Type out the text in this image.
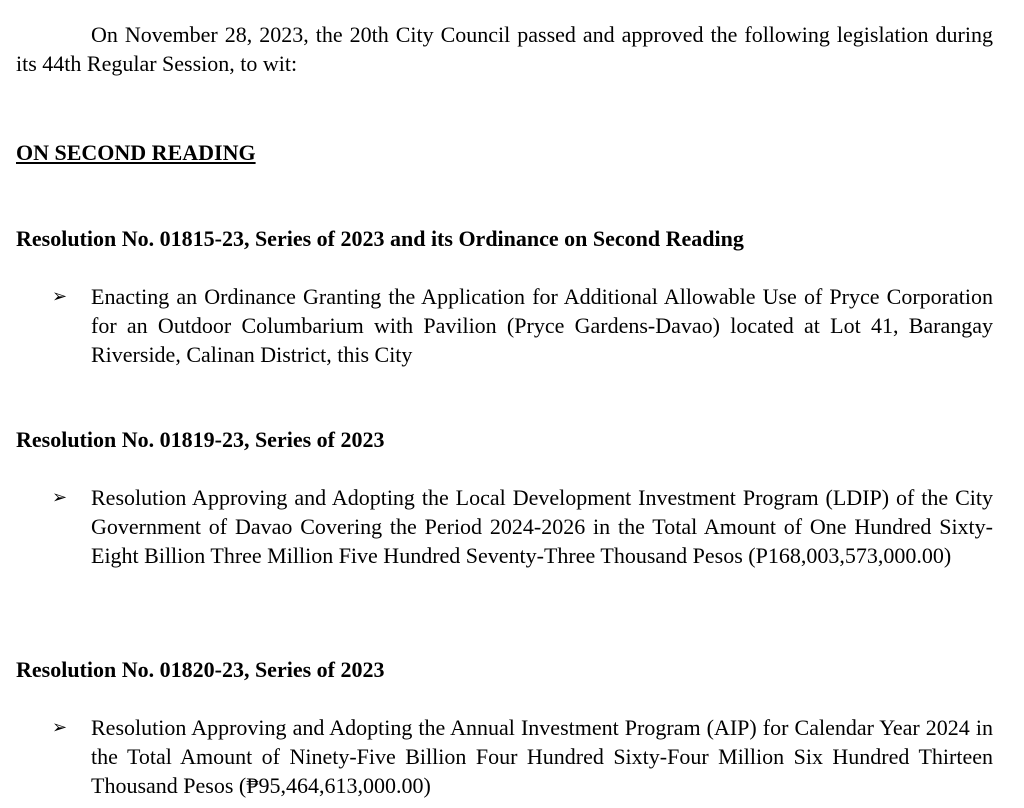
On November 28, 2023, the 20th City Council passed and approved the following legislation during its 44th Regular Session, to wit:

ON SECOND READING
Resolution No. 01815-23, Series of 2023 and its Ordinance on Second Reading
➢	Enacting an Ordinance Granting the Application for Additional Allowable Use of Pryce Corporation for an Outdoor Columbarium with Pavilion (Pryce Gardens-Davao) located at Lot 41, Barangay Riverside, Calinan District, this City
Resolution No. 01819-23, Series of 2023
➢	Resolution Approving and Adopting the Local Development Investment Program (LDIP) of the City Government of Davao Covering the Period 2024-2026 in the Total Amount of One Hundred Sixty-Eight Billion Three Million Five Hundred Seventy-Three Thousand Pesos (P168,003,573,000.00)
Resolution No. 01820-23, Series of 2023
➢	Resolution Approving and Adopting the Annual Investment Program (AIP) for Calendar Year 2024 in the Total Amount of Ninety-Five Billion Four Hundred Sixty-Four Million Six Hundred Thirteen Thousand Pesos (₱95,464,613,000.00)
